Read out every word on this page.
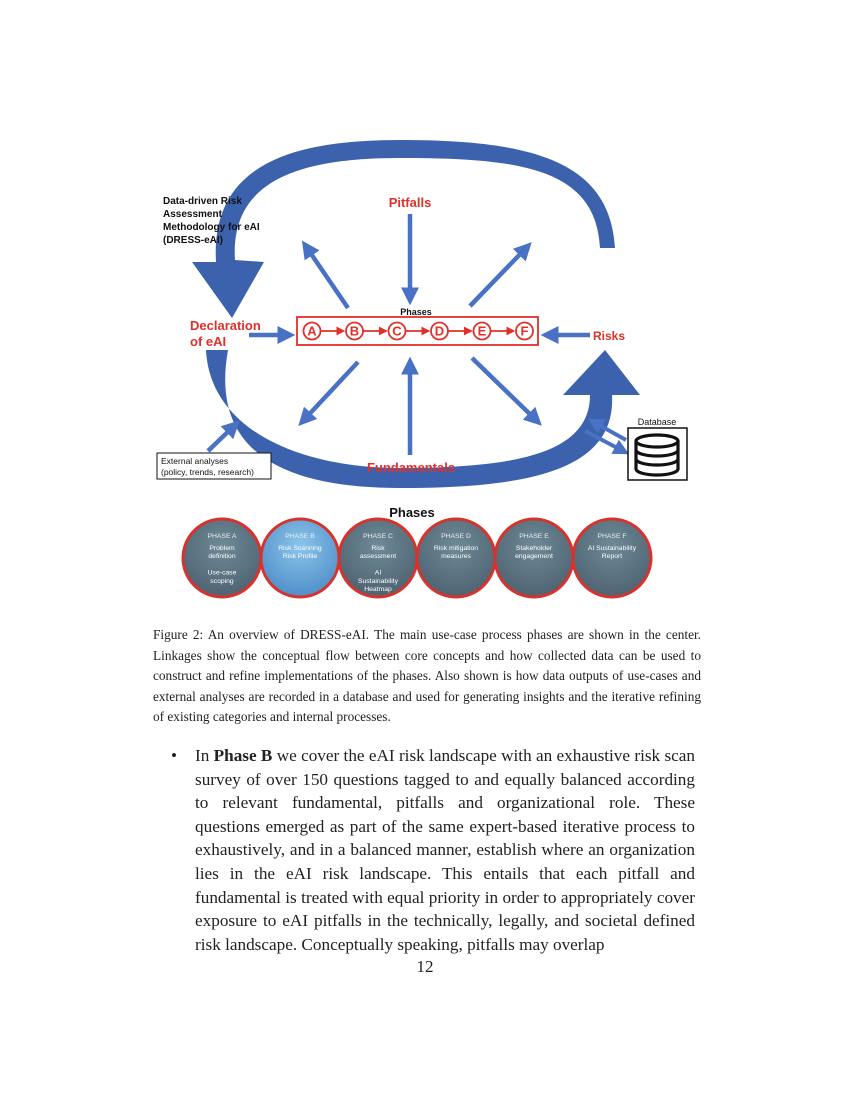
Data-driven Risk Assessment Methodology for eAI (DRESS-eAI)
Pitfalls
Fundamentals
Declaration of eAI	Risks
Phases
A	B	C	D	E	F
Database
External analyses (policy, trends, research)
Phases
PHASE A
Problem
definition
Use-case
scoping
PHASE B
Risk Scanning
Risk Profile
PHASE C
Risk
assessment
AI
Sustainability
Heatmap
PHASE D
Risk mitigation
measures
PHASE E
Stakeholder
engagement
PHASE F
AI Sustainability
Report
Figure 2: An overview of DRESS-eAI. The main use-case process phases are shown in the center. Linkages show the conceptual flow between core concepts and how collected data can be used to construct and refine implementations of the phases. Also shown is how data outputs of use-cases and external analyses are recorded in a database and used for generating insights and the iterative refining of existing categories and internal processes.
• In Phase B we cover the eAI risk landscape with an exhaustive risk scan survey of over 150 questions tagged to and equally balanced according to relevant fundamental, pitfalls and organizational role. These questions emerged as part of the same expert-based iterative process to exhaustively, and in a balanced manner, establish where an organization lies in the eAI risk landscape. This entails that each pitfall and fundamental is treated with equal priority in order to appropriately cover exposure to eAI pitfalls in the technically, legally, and societal defined risk landscape. Conceptually speaking, pitfalls may overlap
12
